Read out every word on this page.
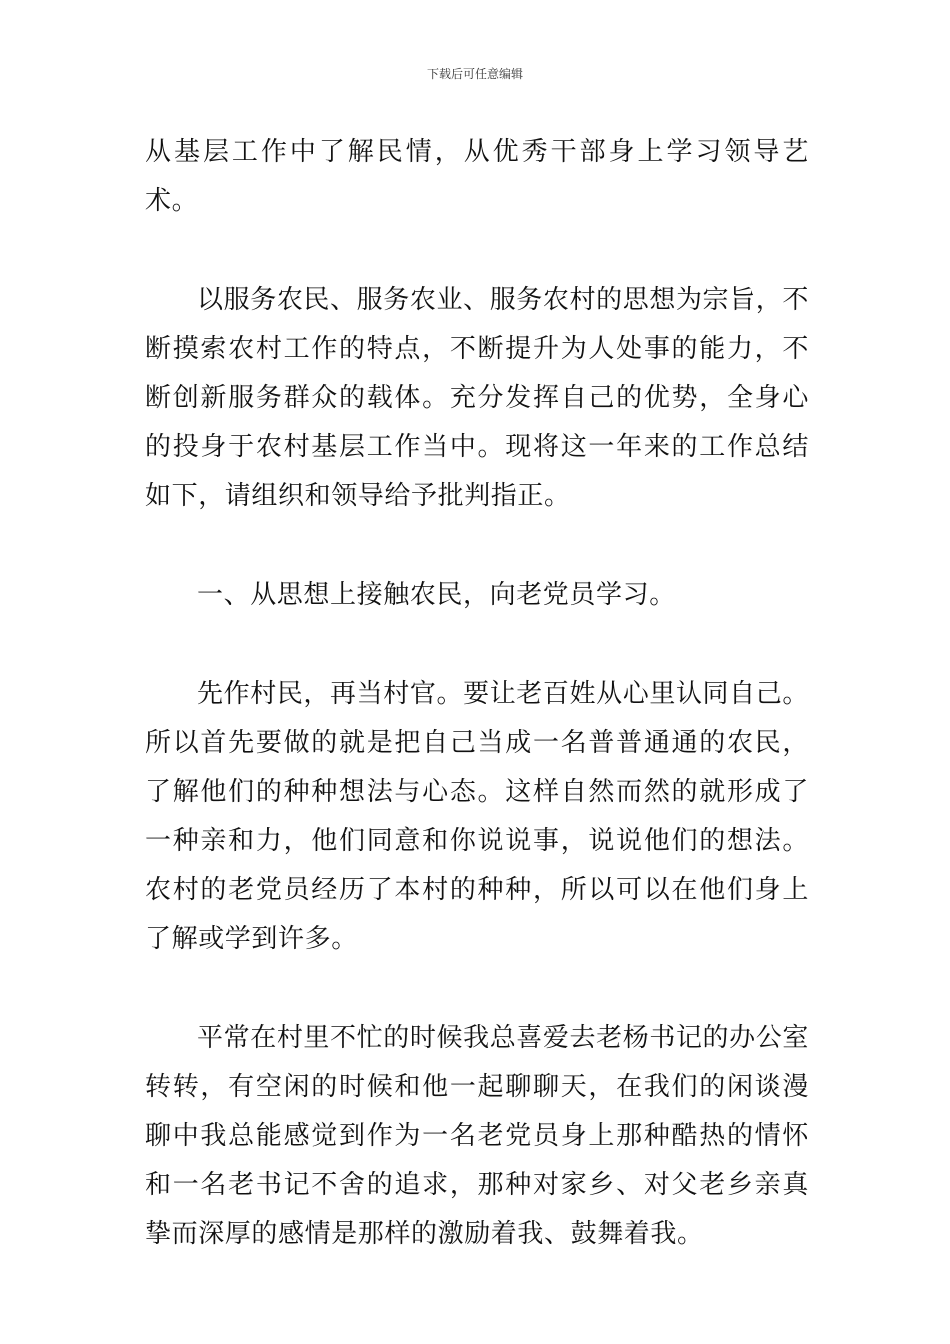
下载后可任意编辑

从基层工作中了解民情，从优秀干部身上学习领导艺术。

以服务农民、服务农业、服务农村的思想为宗旨，不断摸索农村工作的特点，不断提升为人处事的能力，不断创新服务群众的载体。充分发挥自己的优势，全身心的投身于农村基层工作当中。现将这一年来的工作总结如下，请组织和领导给予批判指正。

一、从思想上接触农民，向老党员学习。

先作村民，再当村官。要让老百姓从心里认同自己。所以首先要做的就是把自己当成一名普普通通的农民，了解他们的种种想法与心态。这样自然而然的就形成了一种亲和力，他们同意和你说说事，说说他们的想法。农村的老党员经历了本村的种种，所以可以在他们身上了解或学到许多。

平常在村里不忙的时候我总喜爱去老杨书记的办公室转转，有空闲的时候和他一起聊聊天，在我们的闲谈漫聊中我总能感觉到作为一名老党员身上那种酷热的情怀和一名老书记不舍的追求，那种对家乡、对父老乡亲真挚而深厚的感情是那样的激励着我、鼓舞着我。
